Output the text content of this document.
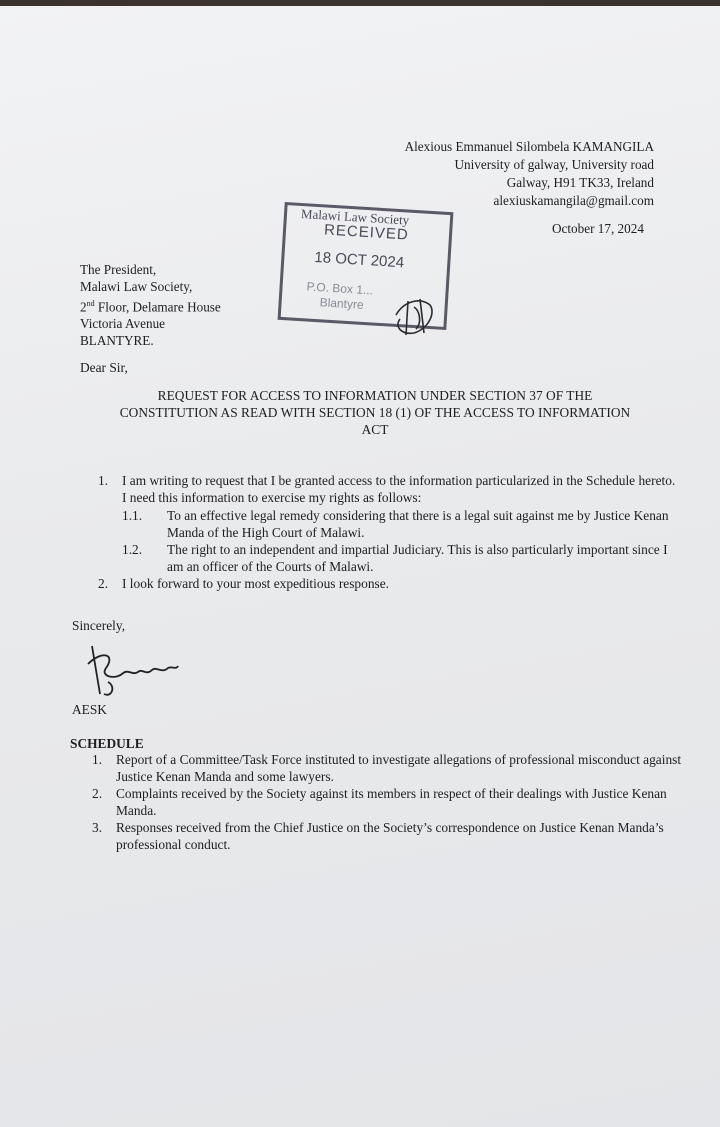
Alexious Emmanuel Silombela KAMANGILA
University of galway, University road
Galway, H91 TK33, Ireland
alexiuskamangila@gmail.com
October 17, 2024
Malawi Law Society
RECEIVED
18 OCT 2024
P.O. Box 1...
Blantyre
The President,
Malawi Law Society,
2nd Floor, Delamare House
Victoria Avenue
BLANTYRE.
Dear Sir,
REQUEST FOR ACCESS TO INFORMATION UNDER SECTION 37 OF THE
CONSTITUTION AS READ WITH SECTION 18 (1) OF THE ACCESS TO INFORMATION
ACT
1.	I am writing to request that I be granted access to the information particularized in the Schedule hereto. I need this information to exercise my rights as follows:
1.1.	To an effective legal remedy considering that there is a legal suit against me by Justice Kenan Manda of the High Court of Malawi.
1.2.	The right to an independent and impartial Judiciary. This is also particularly important since I am an officer of the Courts of Malawi.
2.	I look forward to your most expeditious response.
Sincerely,
AESK
SCHEDULE
1.	Report of a Committee/Task Force instituted to investigate allegations of professional misconduct against Justice Kenan Manda and some lawyers.
2.	Complaints received by the Society against its members in respect of their dealings with Justice Kenan Manda.
3.	Responses received from the Chief Justice on the Society’s correspondence on Justice Kenan Manda’s professional conduct.
